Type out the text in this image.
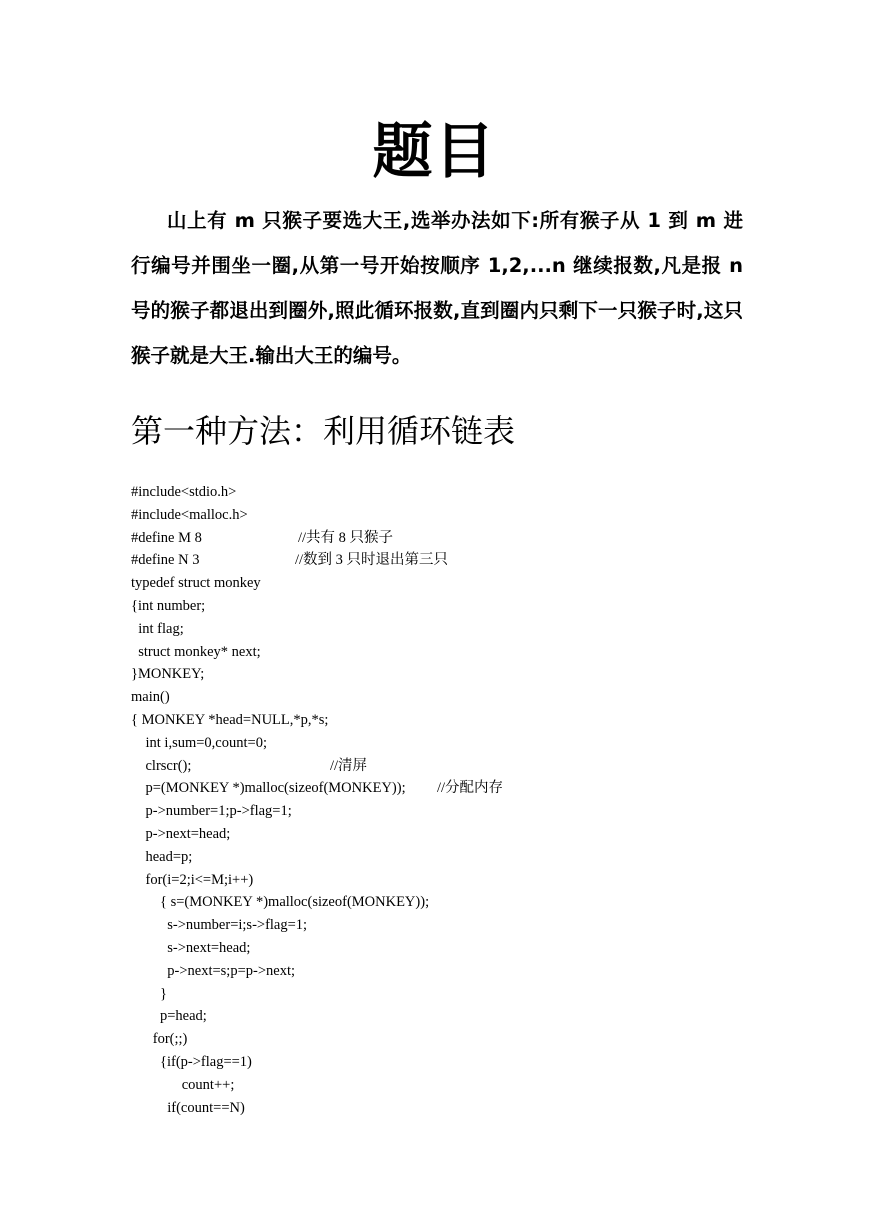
题目

山上有 m 只猴子要选大王,选举办法如下:所有猴子从 1 到 m 进行编号并围坐一圈,从第一号开始按顺序 1,2,...n 继续报数,凡是报 n 号的猴子都退出到圈外,照此循环报数,直到圈内只剩下一只猴子时,这只猴子就是大王.输出大王的编号。

第一种方法：利用循环链表
#include<stdio.h>
#include<malloc.h>
#define M 8	//共有 8 只猴子
#define N 3	//数到 3 只时退出第三只
typedef struct monkey
{int number;
int flag;
struct monkey* next;
}MONKEY;
main()
{ MONKEY *head=NULL,*p,*s;
int i,sum=0,count=0;
clrscr();	//清屏
p=(MONKEY *)malloc(sizeof(MONKEY)); //分配内存
p->number=1;p->flag=1;
p->next=head;
head=p;
for(i=2;i<=M;i++)
{ s=(MONKEY *)malloc(sizeof(MONKEY));
s->number=i;s->flag=1;
s->next=head;
p->next=s;p=p->next;
}
p=head;
for(;;)
{if(p->flag==1)
count++;
if(count==N)
